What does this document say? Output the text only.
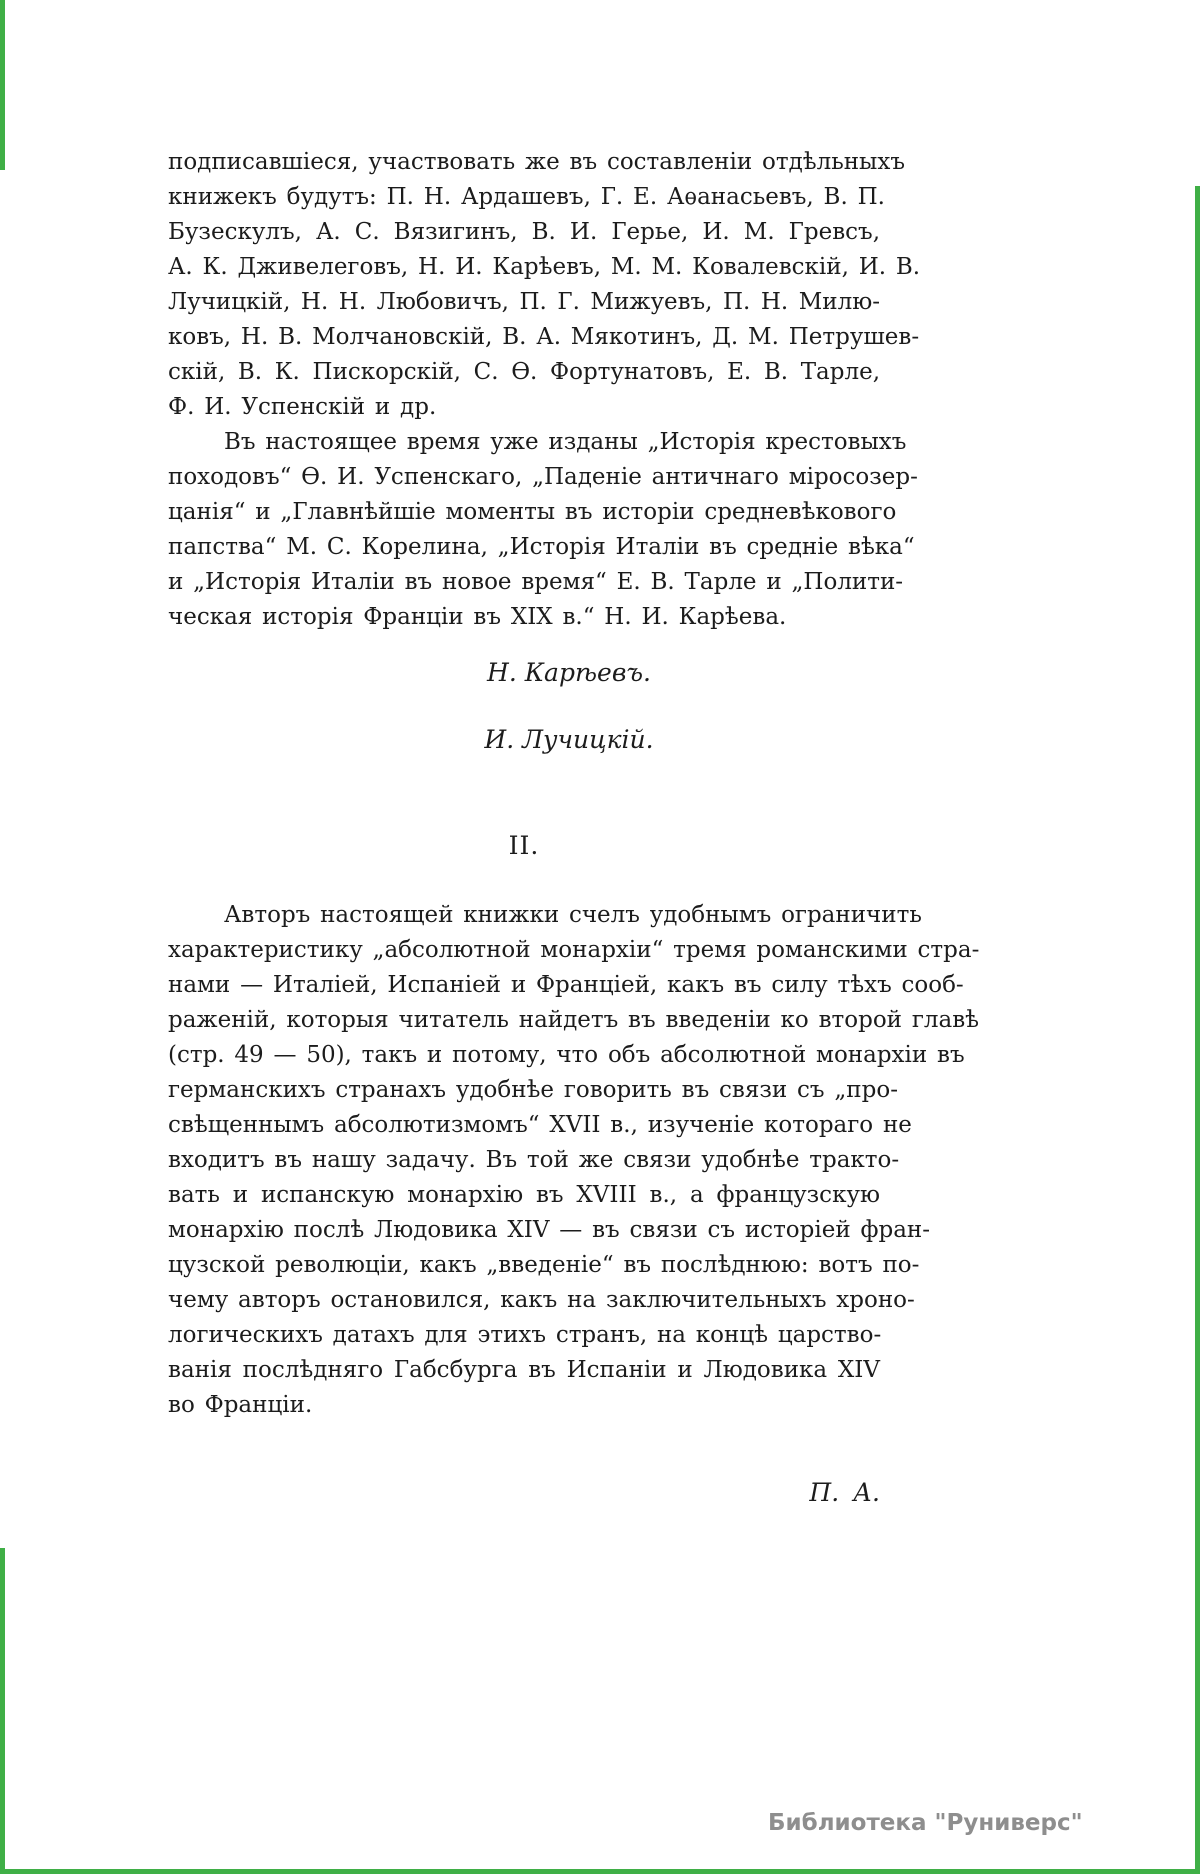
подписавшіеся, участвовать же въ составленіи отдѣльныхъ
книжекъ будутъ: П. Н. Ардашевъ, Г. Е. Аѳанасьевъ, В. П.
Бузескулъ, А. С. Вязигинъ, В. И. Герье, И. М. Гревсъ,
А. К. Дживелеговъ, Н. И. Карѣевъ, М. М. Ковалевскій, И. В.
Лучицкій, Н. Н. Любовичъ, П. Г. Мижуевъ, П. Н. Милю-
ковъ, Н. В. Молчановскій, В. А. Мякотинъ, Д. М. Петрушев-
скій, В. К. Пискорскій, С. Ѳ. Фортунатовъ, Е. В. Тарле,
Ф. И. Успенскій и др.
Въ настоящее время уже изданы „Исторія крестовыхъ
походовъ“ Ѳ. И. Успенскаго, „Паденіе античнаго міросозер-
цанія“ и „Главнѣйшіе моменты въ исторіи средневѣкового
папства“ М. С. Корелина, „Исторія Италіи въ средніе вѣка“
и „Исторія Италіи въ новое время“ Е. В. Тарле и „Полити-
ческая исторія Франціи въ XIX в.“ Н. И. Карѣева.
Н. Карѣевъ.
И. Лучицкій.
II.
Авторъ настоящей книжки счелъ удобнымъ ограничить
характеристику „абсолютной монархіи“ тремя романскими стра-
нами — Италіей, Испаніей и Франціей, какъ въ силу тѣхъ сооб-
раженій, которыя читатель найдетъ въ введеніи ко второй главѣ
(стр. 49 — 50), такъ и потому, что объ абсолютной монархіи въ
германскихъ странахъ удобнѣе говорить въ связи съ „про-
свѣщеннымъ абсолютизмомъ“ XVII в., изученіе котораго не
входитъ въ нашу задачу. Въ той же связи удобнѣе тракто-
вать и испанскую монархію въ XVIII в., а французскую
монархію послѣ Людовика XIV — въ связи съ исторіей фран-
цузской революціи, какъ „введеніе“ въ послѣднюю: вотъ по-
чему авторъ остановился, какъ на заключительныхъ хроно-
логическихъ датахъ для этихъ странъ, на концѣ царство-
ванія послѣдняго Габсбурга въ Испаніи и Людовика XIV
во Франціи.
П. А.
Библиотека "Руниверс"
